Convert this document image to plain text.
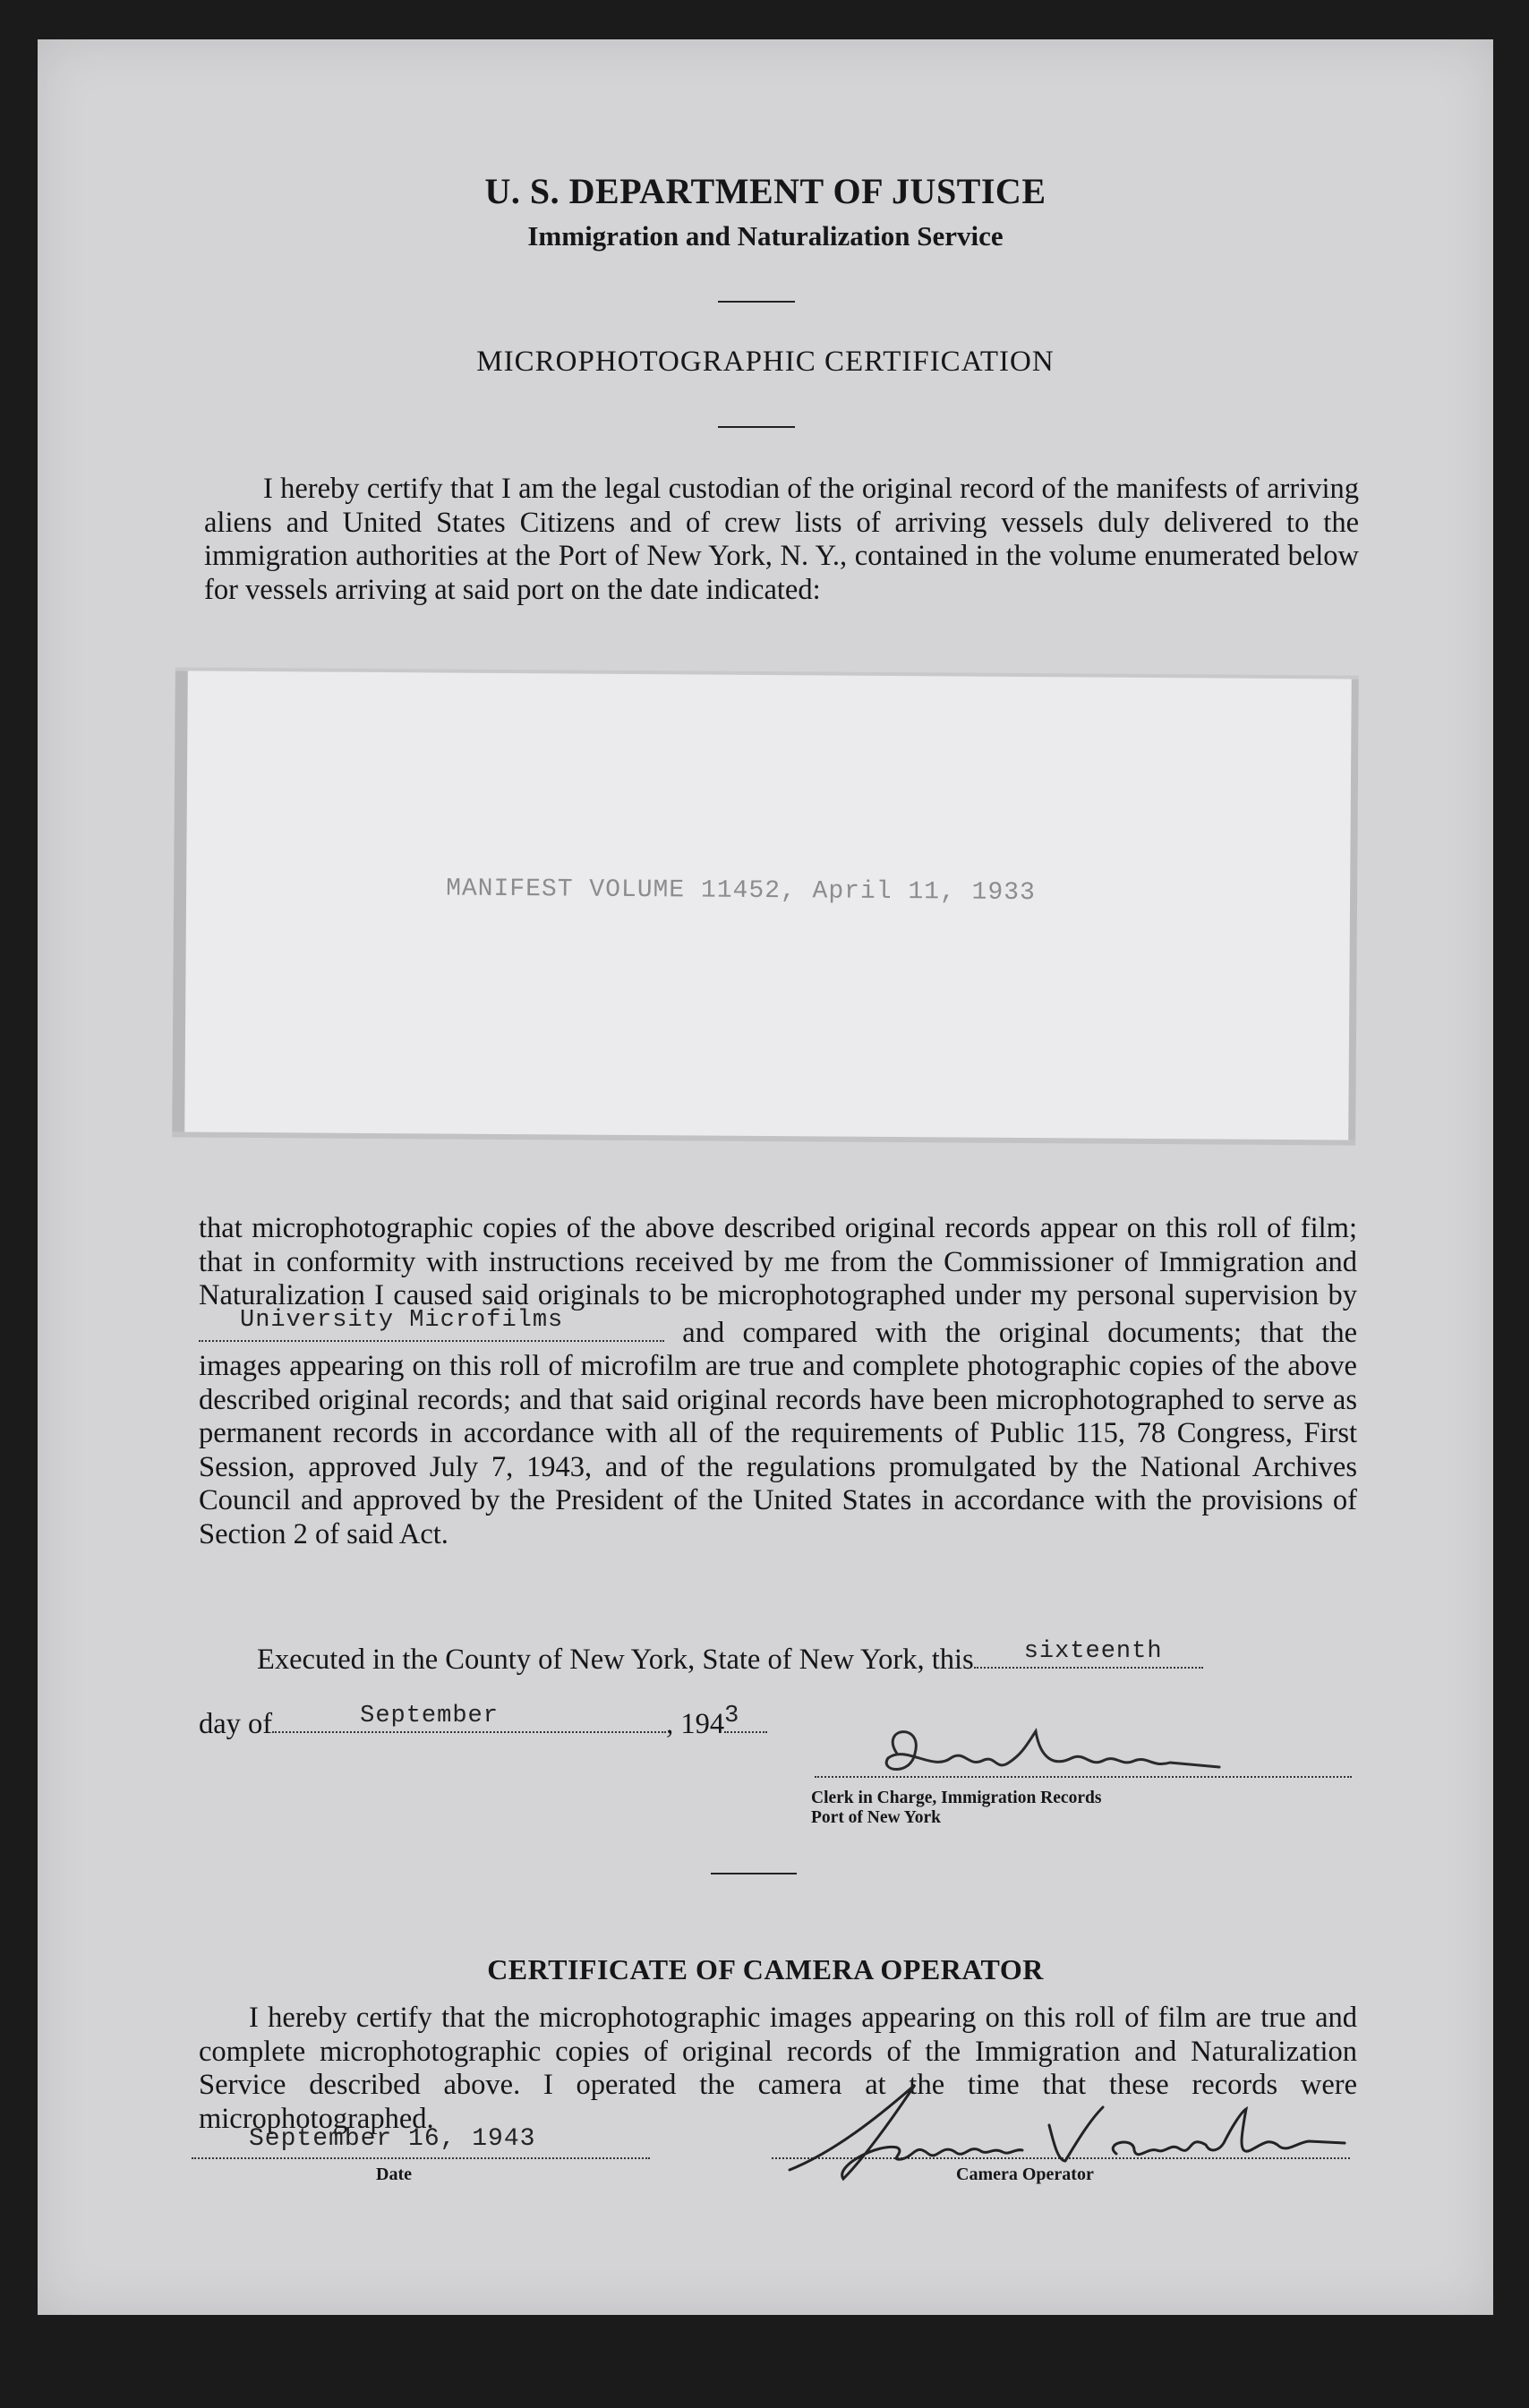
U. S. DEPARTMENT OF JUSTICE
Immigration and Naturalization Service
MICROPHOTOGRAPHIC CERTIFICATION
I hereby certify that I am the legal custodian of the original record of the manifests of arriving aliens and United States Citizens and of crew lists of arriving vessels duly delivered to the immigration authorities at the Port of New York, N. Y., contained in the volume enumerated below for vessels arriving at said port on the date indicated:
MANIFEST VOLUME 11452, April 11, 1933
that microphotographic copies of the above described original records appear on this roll of film; that in conformity with instructions received by me from the Commissioner of Immigration and Naturalization I caused said originals to be microphotographed under my personal supervision by
University Microfilms	and compared with the original documents; that the images appearing on this roll of microfilm are true and complete photographic copies of the above described original records; and that said original records have been microphotographed to serve as permanent records in accordance with all of the requirements of Public 115, 78 Congress, First Session, approved July 7, 1943, and of the regulations promulgated by the National Archives Council and approved by the President of the United States in accordance with the provisions of Section 2 of said Act.
Executed in the County of New York, State of New York, this sixteenth
day of	September	, 194 3
Clerk in Charge, Immigration Records
Port of New York
CERTIFICATE OF CAMERA OPERATOR
I hereby certify that the microphotographic images appearing on this roll of film are true and complete microphotographic copies of original records of the Immigration and Naturalization Service described above. I operated the camera at the time that these records were microphotographed.
September 16, 1943
Date	Camera Operator
